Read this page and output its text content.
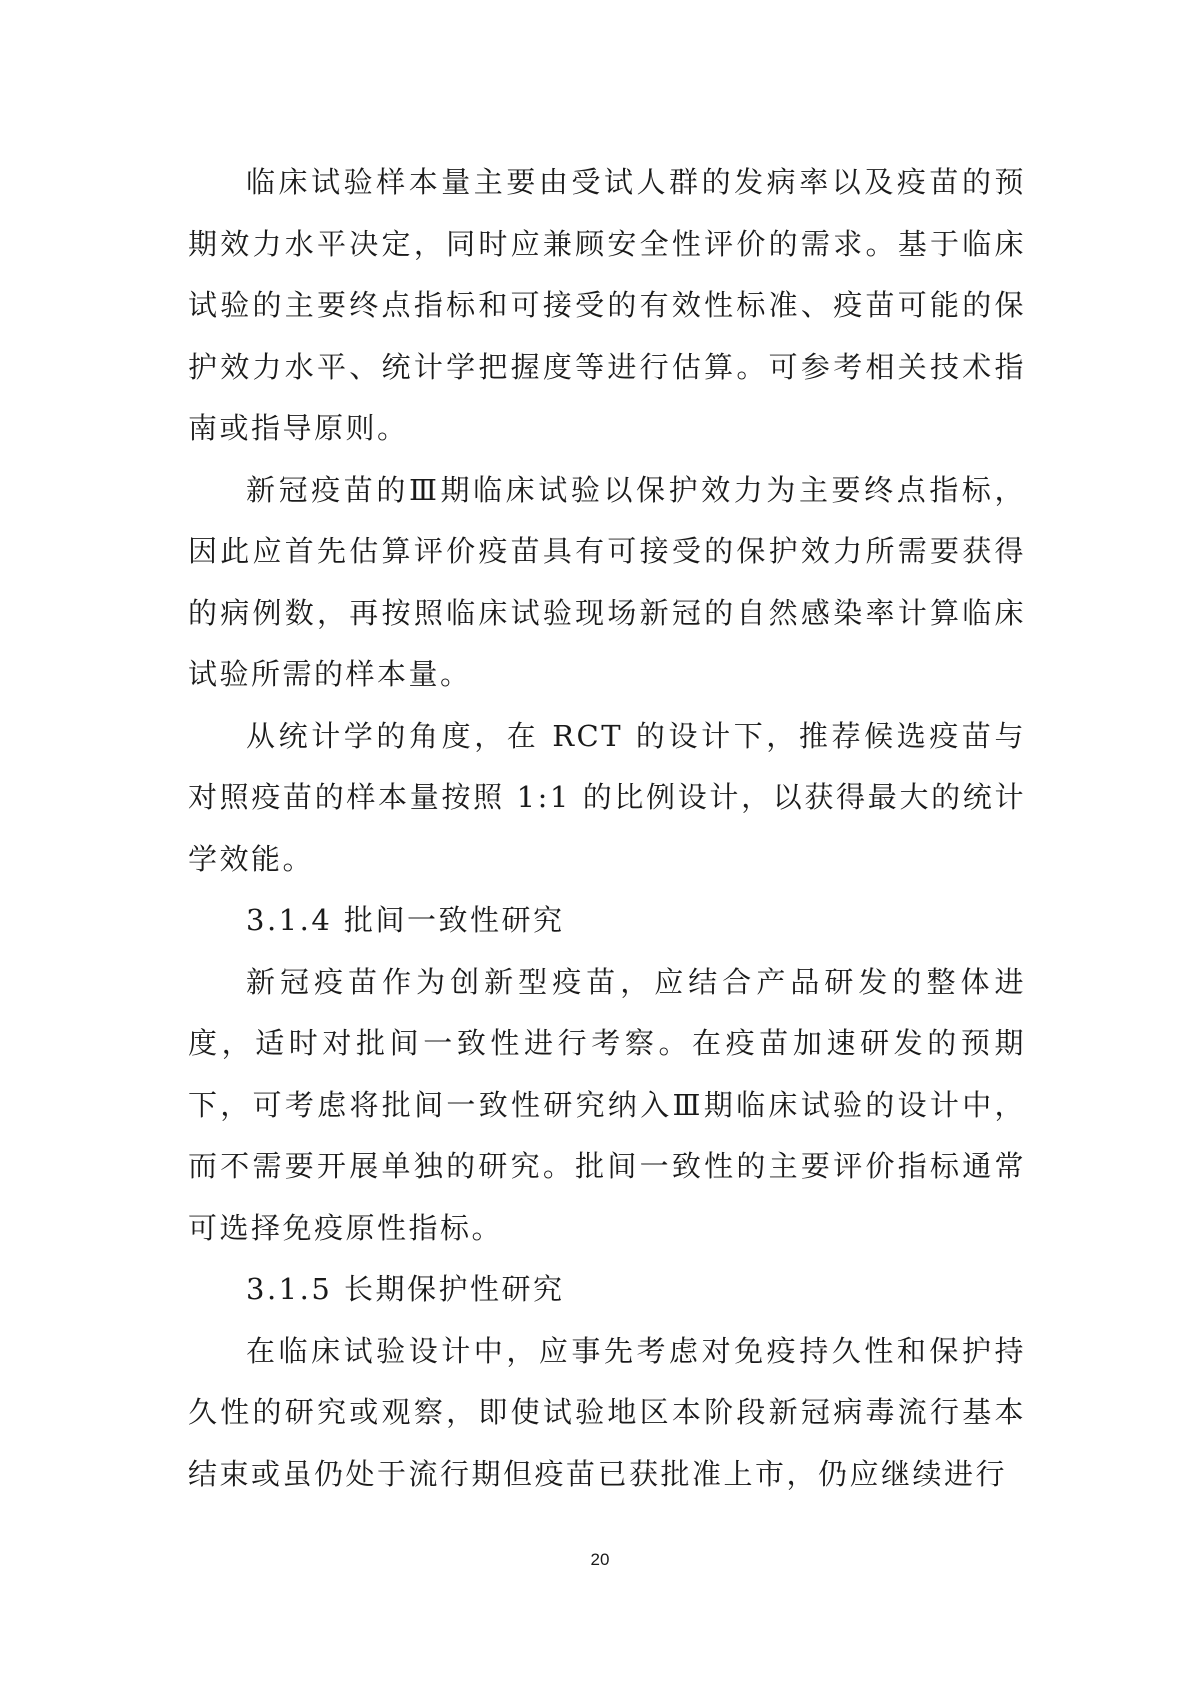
临床试验样本量主要由受试人群的发病率以及疫苗的预期效力水平决定，同时应兼顾安全性评价的需求。基于临床试验的主要终点指标和可接受的有效性标准、疫苗可能的保护效力水平、统计学把握度等进行估算。可参考相关技术指南或指导原则。

新冠疫苗的Ⅲ期临床试验以保护效力为主要终点指标，因此应首先估算评价疫苗具有可接受的保护效力所需要获得的病例数，再按照临床试验现场新冠的自然感染率计算临床试验所需的样本量。

从统计学的角度，在 RCT 的设计下，推荐候选疫苗与对照疫苗的样本量按照 1:1 的比例设计，以获得最大的统计学效能。

3.1.4 批间一致性研究

新冠疫苗作为创新型疫苗，应结合产品研发的整体进度，适时对批间一致性进行考察。在疫苗加速研发的预期下，可考虑将批间一致性研究纳入Ⅲ期临床试验的设计中，而不需要开展单独的研究。批间一致性的主要评价指标通常可选择免疫原性指标。

3.1.5 长期保护性研究

在临床试验设计中，应事先考虑对免疫持久性和保护持久性的研究或观察，即使试验地区本阶段新冠病毒流行基本结束或虽仍处于流行期但疫苗已获批准上市，仍应继续进行

20
